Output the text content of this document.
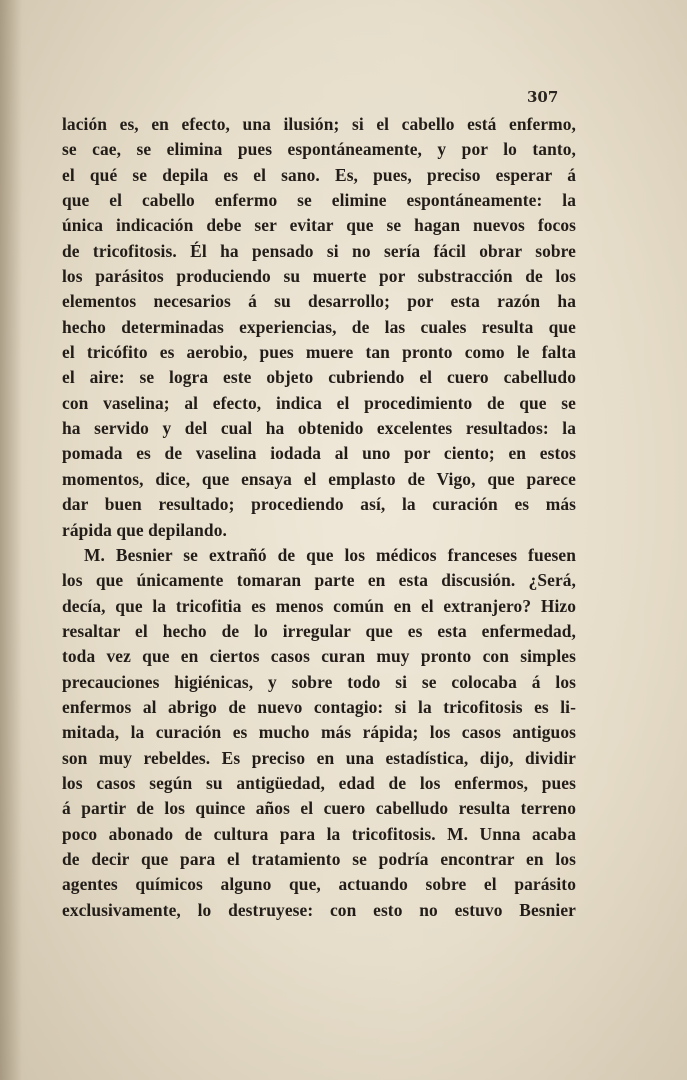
307
lación es, en efecto, una ilusión; si el cabello está enfermo,
se cae, se elimina pues espontáneamente, y por lo tanto,
el qué se depila es el sano. Es, pues, preciso esperar á
que el cabello enfermo se elimine espontáneamente: la
única indicación debe ser evitar que se hagan nuevos focos
de tricofitosis. Él ha pensado si no sería fácil obrar sobre
los parásitos produciendo su muerte por substracción de los
elementos necesarios á su desarrollo; por esta razón ha
hecho determinadas experiencias, de las cuales resulta que
el tricófito es aerobio, pues muere tan pronto como le falta
el aire: se logra este objeto cubriendo el cuero cabelludo
con vaselina; al efecto, indica el procedimiento de que se
ha servido y del cual ha obtenido excelentes resultados: la
pomada es de vaselina iodada al uno por ciento; en estos
momentos, dice, que ensaya el emplasto de Vigo, que parece
dar buen resultado; procediendo así, la curación es más
rápida que depilando.
M. Besnier se extrañó de que los médicos franceses fuesen
los que únicamente tomaran parte en esta discusión. ¿Será,
decía, que la tricofitia es menos común en el extranjero? Hizo
resaltar el hecho de lo irregular que es esta enfermedad,
toda vez que en ciertos casos curan muy pronto con simples
precauciones higiénicas, y sobre todo si se colocaba á los
enfermos al abrigo de nuevo contagio: si la tricofitosis es li-
mitada, la curación es mucho más rápida; los casos antiguos
son muy rebeldes. Es preciso en una estadística, dijo, dividir
los casos según su antigüedad, edad de los enfermos, pues
á partir de los quince años el cuero cabelludo resulta terreno
poco abonado de cultura para la tricofitosis. M. Unna acaba
de decir que para el tratamiento se podría encontrar en los
agentes químicos alguno que, actuando sobre el parásito
exclusivamente, lo destruyese: con esto no estuvo Besnier
